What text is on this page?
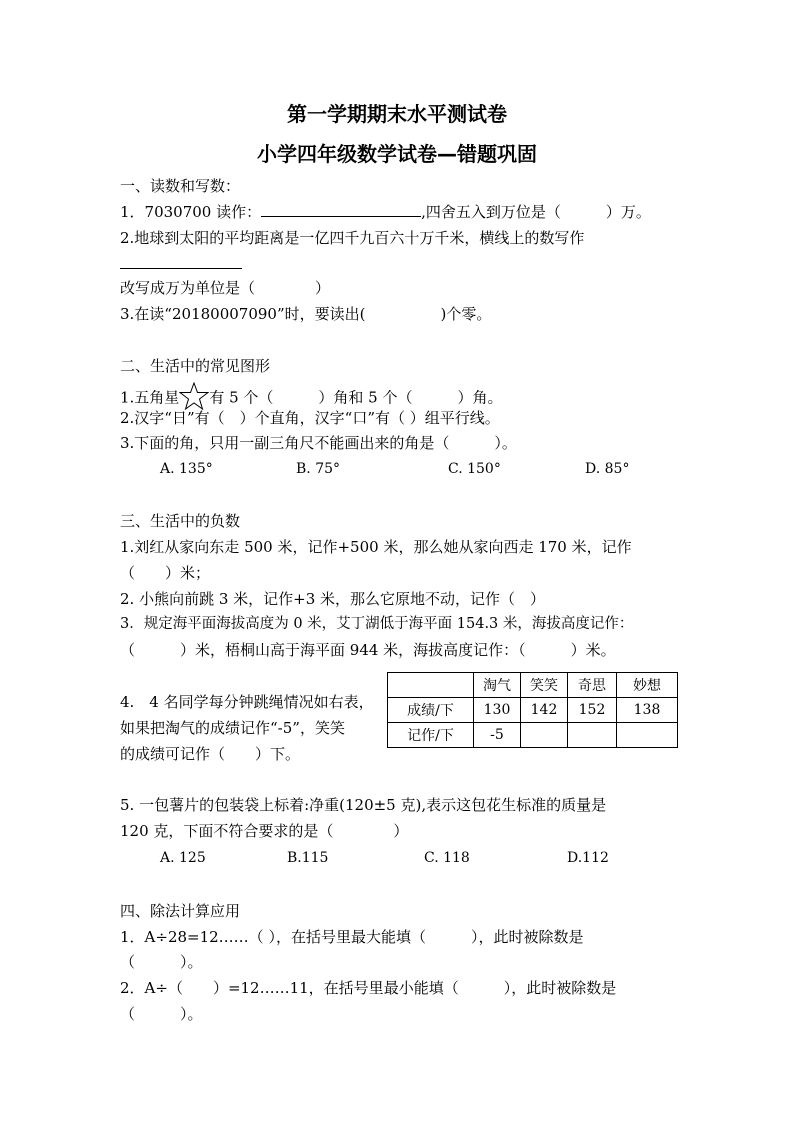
第一学期期末水平测试卷
小学四年级数学试卷—错题巩固
一、读数和写数：
1．7030700 读作：	,四舍五入到万位是（　　　）万。
2.地球到太阳的平均距离是一亿四千九百六十万千米，横线上的数写作
改写成万为单位是（　　　　）
3.在读“20180007090”时，要读出(　　　　　)个零。
二、生活中的常见图形
1.五角星 有 5 个（　　　）角和 5 个（　　　）角。
2.汉字“日”有（　）个直角，汉字“口”有（ ）组平行线。
3.下面的角，只用一副三角尺不能画出来的角是（　　　）。
A. 135°	B. 75°	C. 150°	D. 85°
三、生活中的负数
1.刘红从家向东走 500 米，记作+500 米，那么她从家向西走 170 米，记作
（　　）米；
2. 小熊向前跳 3 米，记作+3 米，那么它原地不动，记作（　）
3．规定海平面海拔高度为 0 米，艾丁湖低于海平面 154.3 米，海拔高度记作：
（　　　）米，梧桐山高于海平面 944 米，海拔高度记作：（　　　）米。
4.　4 名同学每分钟跳绳情况如右表，
如果把淘气的成绩记作“-5”，笑笑
的成绩可记作（　　）下。
	淘气	笑笑	奇思	妙想
成绩/下	130	142	152	138
记作/下	-5			
5. 一包薯片的包装袋上标着:净重(120±5 克),表示这包花生标准的质量是
120 克，下面不符合要求的是（　　　　）
A. 125	B.115	C. 118	D.112
四、除法计算应用
1．A÷28=12……（ ），在括号里最大能填（　　　），此时被除数是
（　　　）。
2．A÷（　　）=12……11，在括号里最小能填（　　　），此时被除数是
（　　　）。
